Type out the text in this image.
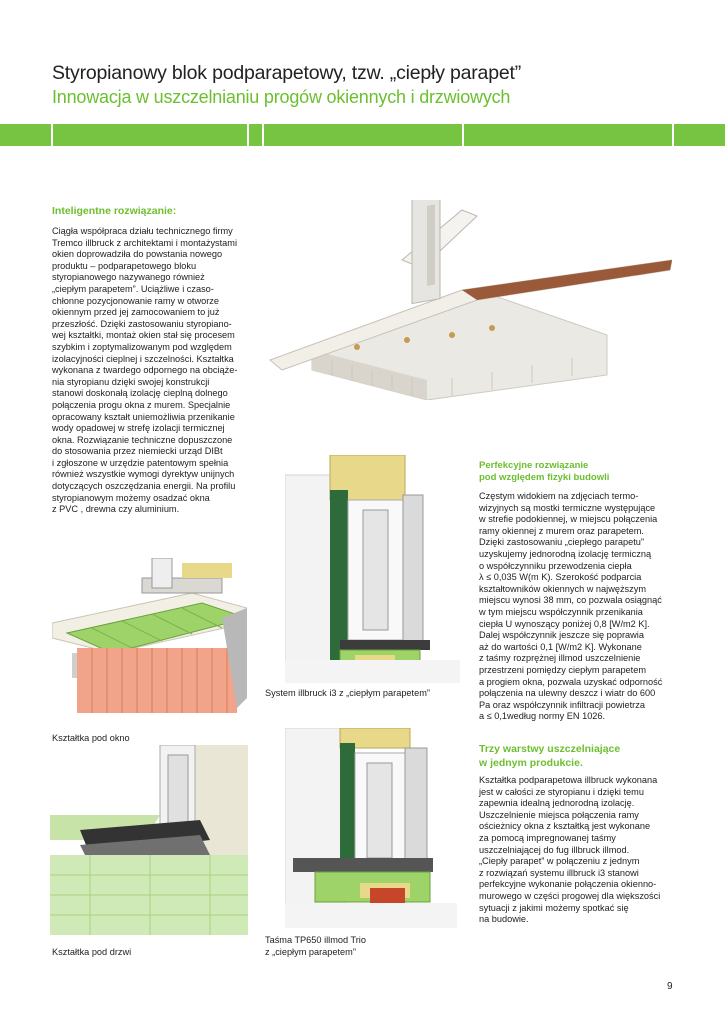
Styropianowy blok podparapetowy, tzw. „ciepły parapet”
Innowacja w uszczelnianiu progów okiennych i drzwiowych
Inteligentne rozwiązanie:
Ciągła współpraca działu technicznego firmy
Tremco illbruck z architektami i montażystami
okien doprowadziła do powstania nowego
produktu – podparapetowego bloku
styropianowego nazywanego również
„ciepłym parapetem”. Uciążliwe i czaso-
chłonne pozycjonowanie ramy w otworze
okiennym przed jej zamocowaniem to już
przeszłość. Dzięki zastosowaniu styropiano-
wej kształtki, montaż okien stał się procesem
szybkim i zoptymalizowanym pod względem
izolacyjności cieplnej i szczelności. Kształtka
wykonana z twardego odpornego na obciąże-
nia styropianu dzięki swojej konstrukcji
stanowi doskonałą izolację cieplną dolnego
połączenia progu okna z murem. Specjalnie
opracowany kształt uniemożliwia przenikanie
wody opadowej w strefę izolacji termicznej
okna. Rozwiązanie techniczne dopuszczone
do stosowania przez niemiecki urząd DIBt
i zgłoszone w urzędzie patentowym spełnia
również wszystkie wymogi dyrektyw unijnych
dotyczących oszczędzania energii. Na profilu
styropianowym możemy osadzać okna
z PVC , drewna czy aluminium.
Perfekcyjne rozwiązanie
pod względem fizyki budowli
Częstym widokiem na zdjęciach termo-
wizyjnych są mostki termiczne występujące
w strefie podokiennej, w miejscu połączenia
ramy okiennej z murem oraz parapetem.
Dzięki zastosowaniu „ciepłego parapetu”
uzyskujemy jednorodną izolację termiczną
o współczynniku przewodzenia ciepła
λ ≤ 0,035 W(m K). Szerokość podparcia
kształtowników okiennych w najwęższym
miejscu wynosi 38 mm, co pozwala osiągnąć
w tym miejscu współczynnik przenikania
ciepła U wynoszący poniżej 0,8 [W/m2 K].
Dalej współczynnik jeszcze się poprawia
aż do wartości 0,1 [W/m2 K]. Wykonane
z taśmy rozprężnej illmod uszczelnienie
przestrzeni pomiędzy ciepłym parapetem
a progiem okna, pozwala uzyskać odporność
połączenia na ulewny deszcz i wiatr do 600
Pa oraz współczynnik infiltracji powietrza
a ≤ 0,1według normy EN 1026.
Trzy warstwy uszczelniające
w jednym produkcie.
Kształtka podparapetowa illbruck wykonana
jest w całości ze styropianu i dzięki temu
zapewnia idealną jednorodną izolację.
Uszczelnienie miejsca połączenia ramy
ościeżnicy okna z kształtką jest wykonane
za pomocą impregnowanej taśmy
uszczelniającej do fug illbruck illmod.
„Ciepły parapet” w połączeniu z jednym
z rozwiązań systemu illbruck i3 stanowi
perfekcyjne wykonanie połączenia okienno-
murowego w części progowej dla większości
sytuacji z jakimi możemy spotkać się
na budowie.
System illbruck i3 z „ciepłym parapetem”
Kształtka pod okno
Kształtka pod drzwi
Taśma TP650 illmod Trio
z „ciepłym parapetem”
9
